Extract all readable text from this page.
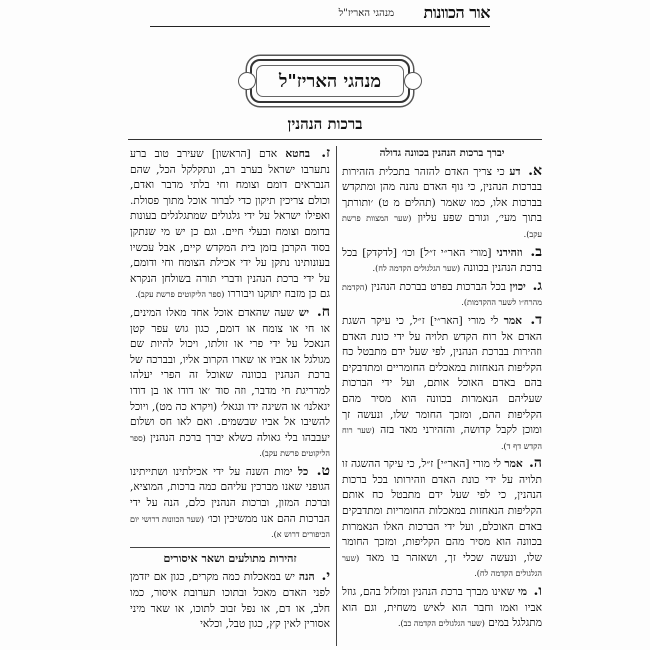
אור הכוונות
מנהגי האריז"ל
מנהגי האריז"ל
ברכות הנהנין
יברך ברכות הנהנין בכוונה גדולה
א. דע כי צריך האדם להזהר בתכלית הזהירות בברכות הנהנין, כי גוף האדם נהנה מהן ומתקדש בברכות אלו, כמו שאמר (תהלים מ ט) ׳ותורתך בתוך מעי׳, וגורם שפע עליון (שער המצוות פרשת עקב).
ב. וזהירני [מורי האר״י ז״ל] וכו׳ [לדקדק] בכל ברכת הנהנין בכוונה (שער הגלגולים הקדמה לח).
ג. יכוין בכל הברכות בפרט בברכת הנהנין (הקדמת מהרח״ו לשער ההקדמות).
ד. אמר לי מורי [האר״י] ז״ל, כי עיקר השגת האדם אל רוח הקדש תלויה על ידי כונת האדם וזהירות בברכת הנהנין, לפי שעל ידם מתבטל כח הקליפות הנאחזות במאכלים החומריים ומתדבקים בהם באדם האוכל אותם, ועל ידי הברכות שעליהם הנאמרות בכוונה הוא מסיר מהם הקליפות ההם, ומזכך החומר שלו, ונעשה זך ומוכן לקבל קדושה, והזהירני מאד בזה (שער רוח הקדש דף ד).
ה. אמר לי מורי [האר״י] ז״ל, כי עיקר ההשגה זו תלויה על ידי כונת האדם וזהירותו בכל ברכות הנהנין, כי לפי שעל ידם מתבטל כח אותם הקליפות הנאחזות במאכלות החומריות ומתדבקים באדם האוכלם, ועל ידי הברכות האלו הנאמרות בכוונה הוא מסיר מהם הקליפות, ומזכך החומר שלו, ונעשה שכלי זך, ושאזהר בו מאד (שער הגלגולים הקדמה לח).
ו. מי שאינו מברך ברכת הנהנין ומזלזל בהם, גוזל אביו ואמו וחבר הוא לאיש משחית, וגם הוא מתגלגל במים (שער הגלגולים הקדמה כב).
ז. בחטא אדם [הראשון] שעירב טוב ברע נתערבו ישראל בערב רב, ונתקלקל הכל, שהם הנבראים דומם וצומח וחי בלתי מדבר ואדם, וכולם צריכין תיקון כדי לברור אוכל מתוך פסולת. ואפילו ישראל על ידי גלגולים שמתגלגלים בעונות בדומם וצומח ובעלי חיים. וגם כן יש מי שנתקן בסוד הקרבן בזמן בית המקדש קיים, אבל עכשיו בעונותינו נתקן על ידי אכילת הצומח וחי ודומם, על ידי ברכת הנהנין ודברי תורה בשולחן הנקרא גם כן מזבח יתוקנו ויבוררו (ספר הליקוטים פרשת עקב).
ח. יש שעה שהאדם אוכל אחד מאלו המינים, או חי או צומח או דומם, כגון גוש עפר קטן הנאכל על ידי פרי או זולתו, ויכול להיות שם מגולגל או אביו או שארו הקרוב אליו, ובברכה של ברכת הנהנין בכוונה שאוכל זה הפרי יעלהו למדריגת חי מדבר, וזה סוד ׳או דודו או בן דודו יגאלנו׳ או השיגה ידו ונגאל׳ (ויקרא כה מט), ויוכל להשיבו אל אביו שבשמים. ואם לאו חס ושלום יעבבהו בלי גאולה כשלא יברך ברכת הנהנין (ספר הליקוטים פרשת עקב).
ט. כל ימות השנה על ידי אכילתינו ושתייתינו הגופני שאנו מברכין עליהם כמה ברכות, המוציא, וברכת המזון, וברכות הנהנין כלם, הנה על ידי הברכות ההם אנו ממשיכין וכו׳ (שער הכוונות דרושי יום הכיפורים דרוש א).
זהירות מתולעים ושאר איסורים
י. הנה יש במאכלות כמה מקרים, כגון אם יזדמן לפני האדם מאכל ובתוכו תערובת איסור, כמו חלב, או דם, או נפל זבוב לתוכו, או שאר מיני אסורין לאין קץ, כגון טבל, וכלאי
